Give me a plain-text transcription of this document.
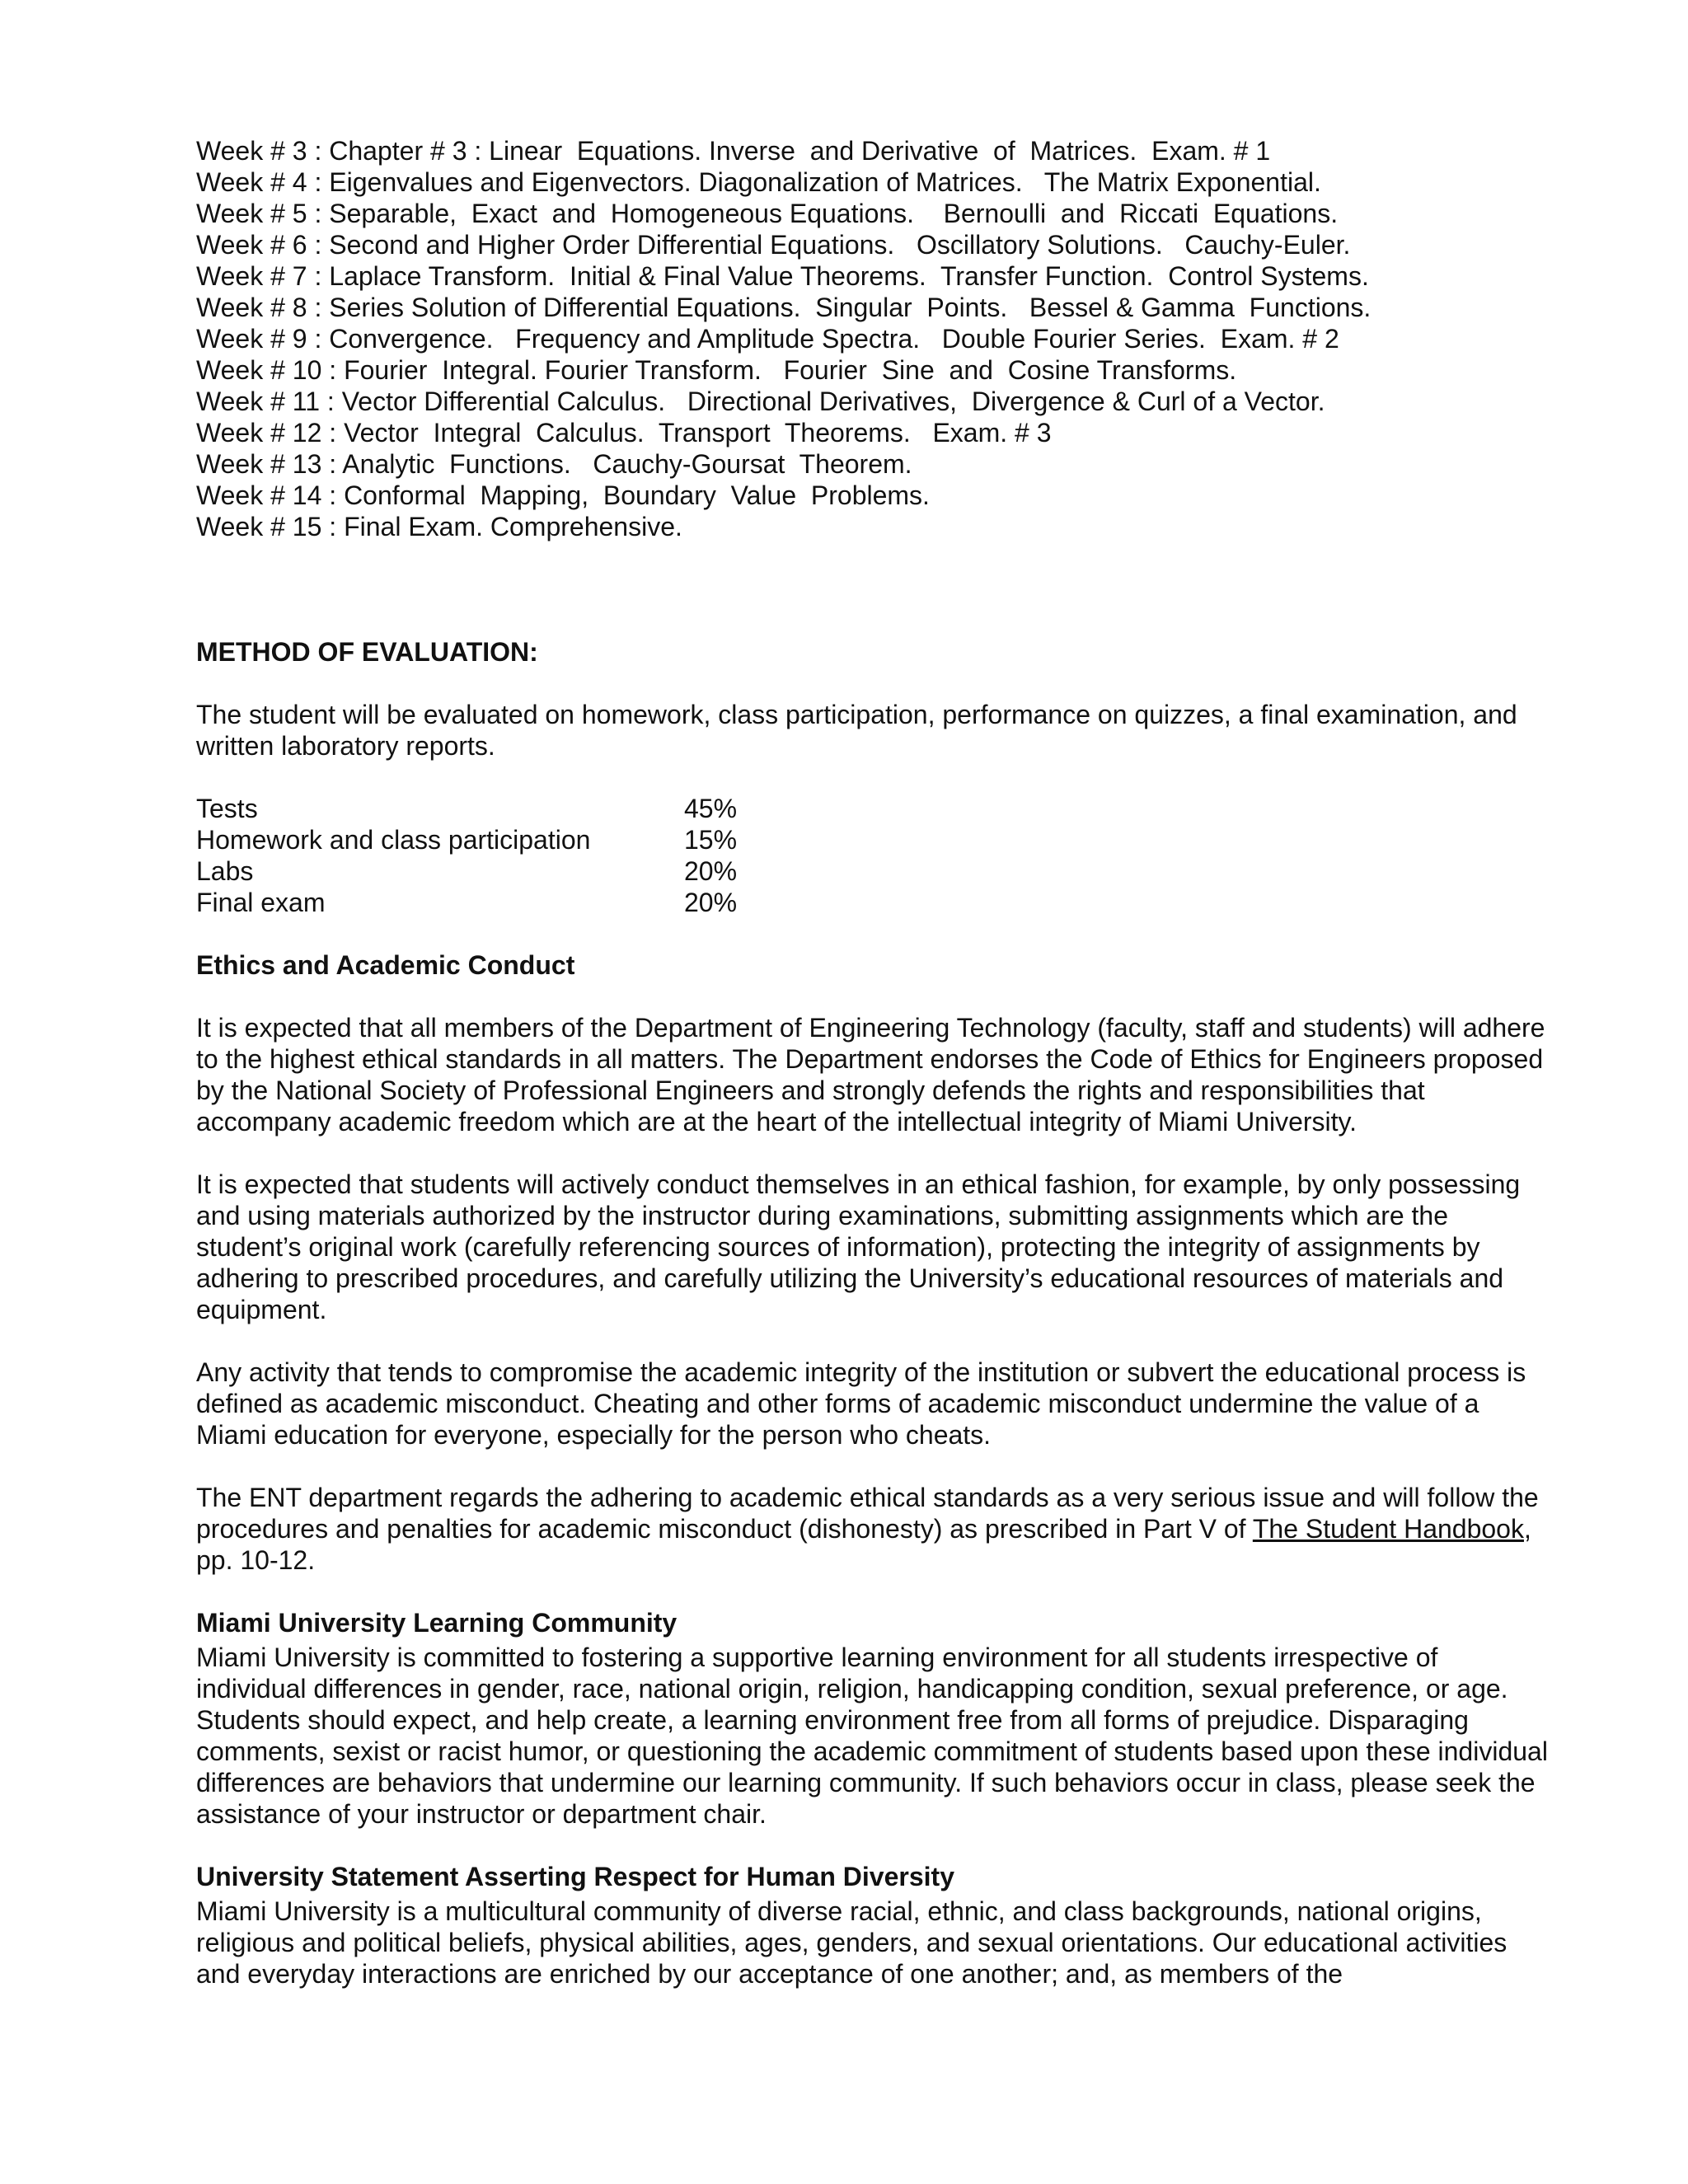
Week # 3 : Chapter # 3 : Linear  Equations. Inverse  and Derivative  of  Matrices.  Exam. # 1
Week # 4 : Eigenvalues and Eigenvectors. Diagonalization of Matrices.   The Matrix Exponential.
Week # 5 : Separable,  Exact  and  Homogeneous Equations.    Bernoulli  and  Riccati  Equations.
Week # 6 : Second and Higher Order Differential Equations.   Oscillatory Solutions.   Cauchy-Euler.
Week # 7 : Laplace Transform.  Initial & Final Value Theorems.  Transfer Function.  Control Systems.
Week # 8 : Series Solution of Differential Equations.  Singular  Points.   Bessel & Gamma  Functions.
Week # 9 : Convergence.   Frequency and Amplitude Spectra.   Double Fourier Series.  Exam. # 2
Week # 10 : Fourier  Integral. Fourier Transform.   Fourier  Sine  and  Cosine Transforms.
Week # 11 : Vector Differential Calculus.   Directional Derivatives,  Divergence & Curl of a Vector.
Week # 12 : Vector  Integral  Calculus.  Transport  Theorems.   Exam. # 3
Week # 13 : Analytic  Functions.   Cauchy-Goursat  Theorem.
Week # 14 : Conformal  Mapping,  Boundary  Value  Problems.
Week # 15 : Final Exam. Comprehensive.
METHOD OF EVALUATION:

The student will be evaluated on homework, class participation, performance on quizzes, a final examination, and written laboratory reports.

Tests	45%
Homework and class participation	15%
Labs	20%
Final exam	20%
Ethics and Academic Conduct

It is expected that all members of the Department of Engineering Technology (faculty, staff and students) will adhere to the highest ethical standards in all matters. The Department endorses the Code of Ethics for Engineers proposed by the National Society of Professional Engineers and strongly defends the rights and responsibilities that accompany academic freedom which are at the heart of the intellectual integrity of Miami University.

It is expected that students will actively conduct themselves in an ethical fashion, for example, by only possessing and using materials authorized by the instructor during examinations, submitting assignments which are the student’s original work (carefully referencing sources of information), protecting the integrity of assignments by adhering to prescribed procedures, and carefully utilizing the University’s educational resources of materials and equipment.

Any activity that tends to compromise the academic integrity of the institution or subvert the educational process is defined as academic misconduct. Cheating and other forms of academic misconduct undermine the value of a Miami education for everyone, especially for the person who cheats.

The ENT department regards the adhering to academic ethical standards as a very serious issue and will follow the procedures and penalties for academic misconduct (dishonesty) as prescribed in Part V of The Student Handbook, pp. 10-12.

Miami University Learning Community

Miami University is committed to fostering a supportive learning environment for all students irrespective of individual differences in gender, race, national origin, religion, handicapping condition, sexual preference, or age. Students should expect, and help create, a learning environment free from all forms of prejudice. Disparaging comments, sexist or racist humor, or questioning the academic commitment of students based upon these individual differences are behaviors that undermine our learning community. If such behaviors occur in class, please seek the assistance of your instructor or department chair.

University Statement Asserting Respect for Human Diversity

Miami University is a multicultural community of diverse racial, ethnic, and class backgrounds, national origins, religious and political beliefs, physical abilities, ages, genders, and sexual orientations. Our educational activities and everyday interactions are enriched by our acceptance of one another; and, as members of the
